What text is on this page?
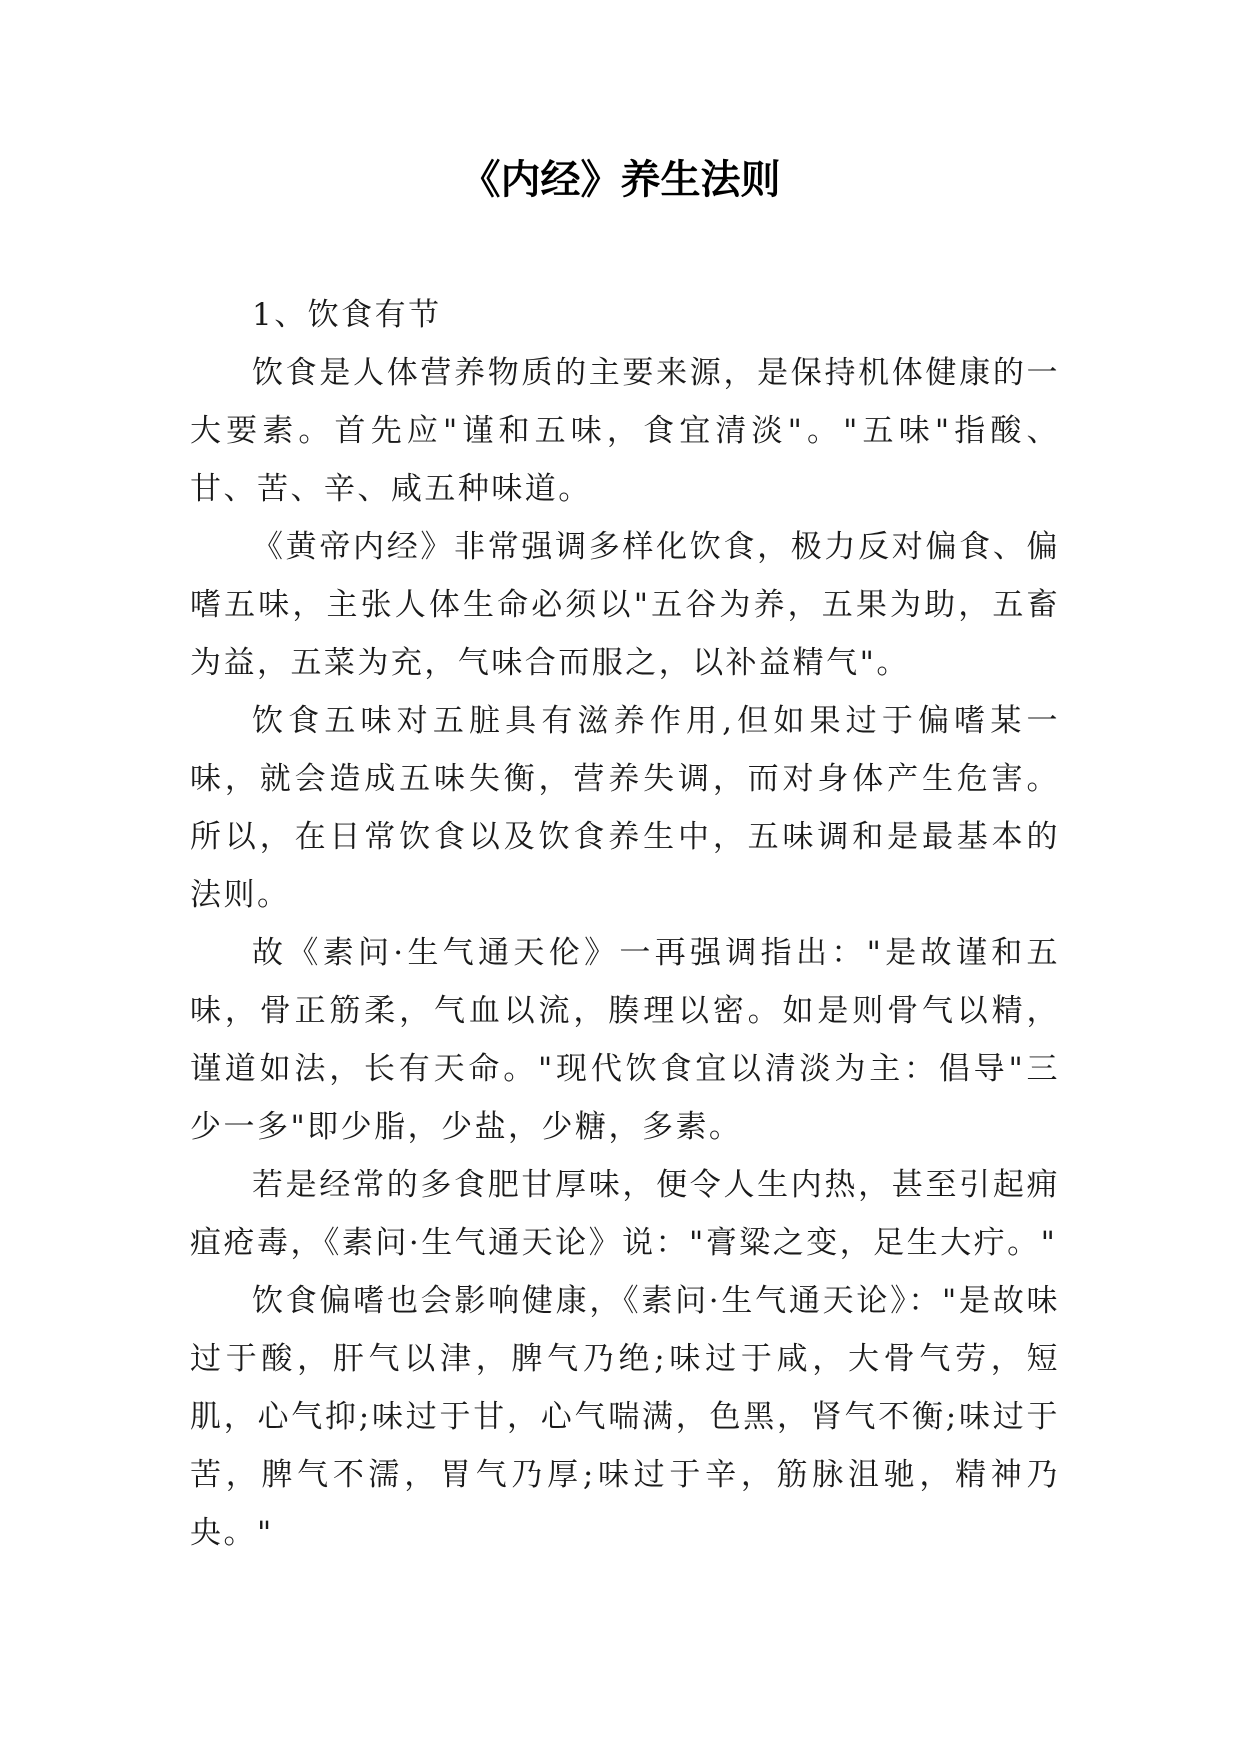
《内经》养生法则

1、饮食有节

饮食是人体营养物质的主要来源，是保持机体健康的一大要素。首先应"谨和五味，食宜清淡"。"五味"指酸、甘、苦、辛、咸五种味道。

《黄帝内经》非常强调多样化饮食，极力反对偏食、偏嗜五味，主张人体生命必须以"五谷为养，五果为助，五畜为益，五菜为充，气味合而服之，以补益精气"。

饮食五味对五脏具有滋养作用,但如果过于偏嗜某一味，就会造成五味失衡，营养失调，而对身体产生危害。所以，在日常饮食以及饮食养生中，五味调和是最基本的法则。

故《素问·生气通天伦》一再强调指出："是故谨和五味，骨正筋柔，气血以流，腠理以密。如是则骨气以精，谨道如法，长有天命。"现代饮食宜以清淡为主：倡导"三少一多"即少脂，少盐，少糖，多素。

若是经常的多食肥甘厚味，便令人生内热，甚至引起痈疽疮毒，《素问·生气通天论》说："膏粱之变，足生大疔。"

饮食偏嗜也会影响健康，《素问·生气通天论》："是故味过于酸，肝气以津，脾气乃绝;味过于咸，大骨气劳，短肌，心气抑;味过于甘，心气喘满，色黑，肾气不衡;味过于苦，脾气不濡，胃气乃厚;味过于辛，筋脉沮驰，精神乃央。"
